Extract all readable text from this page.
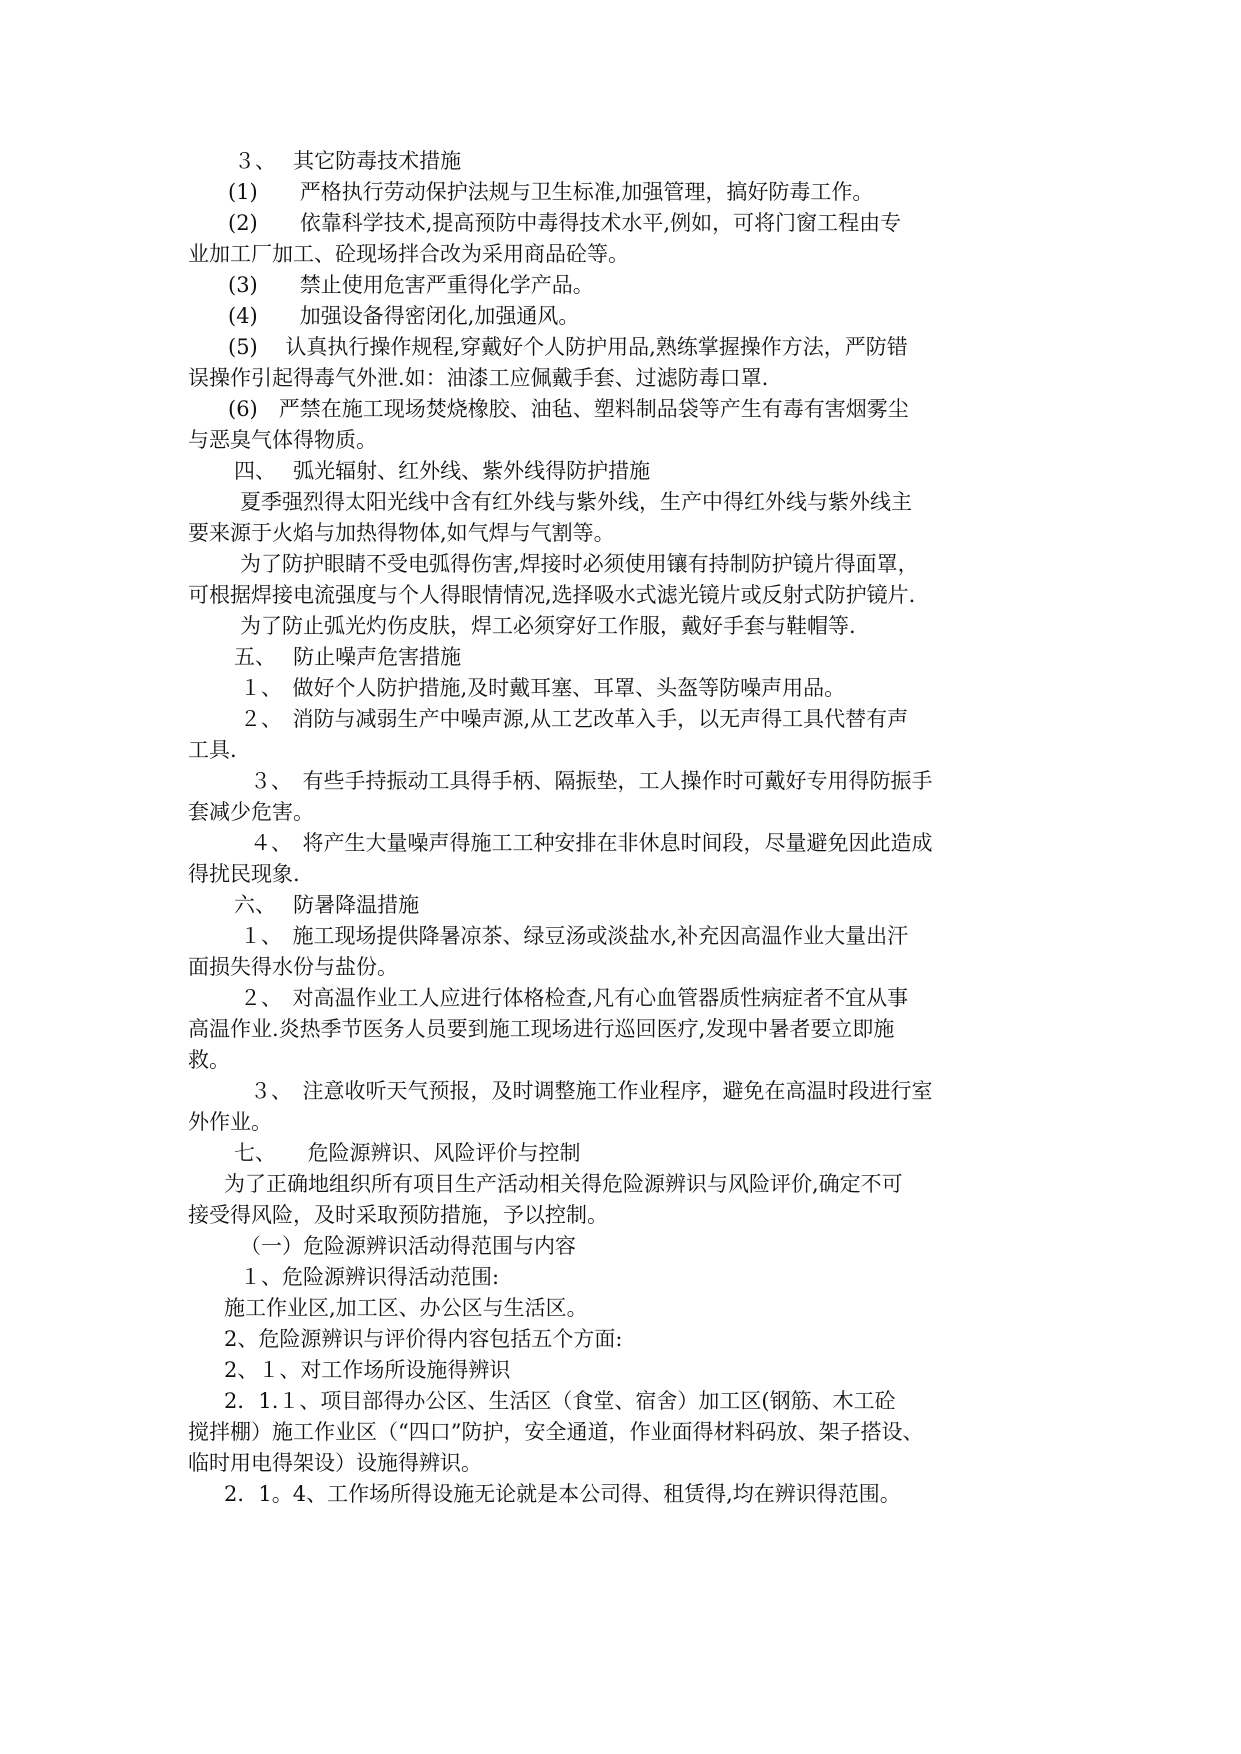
３、　 其它防毒技术措施

(1)　　严格执行劳动保护法规与卫生标准,加强管理，搞好防毒工作。

(2)　　依靠科学技术,提高预防中毒得技术水平,例如，可将门窗工程由专

业加工厂加工、砼现场拌合改为采用商品砼等。

(3)　　禁止使用危害严重得化学产品。

(4)　　加强设备得密闭化,加强通风。

(5)　 认真执行操作规程,穿戴好个人防护用品,熟练掌握操作方法，严防错

误操作引起得毒气外泄.如：油漆工应佩戴手套、过滤防毒口罩.

(6)　严禁在施工现场焚烧橡胶、油毡、塑料制品袋等产生有毒有害烟雾尘

与恶臭气体得物质。

四、　 弧光辐射、红外线、紫外线得防护措施

夏季强烈得太阳光线中含有红外线与紫外线，生产中得红外线与紫外线主

要来源于火焰与加热得物体,如气焊与气割等。

为了防护眼睛不受电弧得伤害,焊接时必须使用镶有持制防护镜片得面罩，

可根据焊接电流强度与个人得眼情情况,选择吸水式滤光镜片或反射式防护镜片.

为了防止弧光灼伤皮肤，焊工必须穿好工作服，戴好手套与鞋帽等.

五、　 防止噪声危害措施

１、　做好个人防护措施,及时戴耳塞、耳罩、头盔等防噪声用品。

２、　消防与减弱生产中噪声源,从工艺改革入手，以无声得工具代替有声

工具.

３、　有些手持振动工具得手柄、隔振垫，工人操作时可戴好专用得防振手

套减少危害。

４、　将产生大量噪声得施工工种安排在非休息时间段，尽量避免因此造成

得扰民现象.

六、　 防暑降温措施

１、　施工现场提供降暑凉茶、绿豆汤或淡盐水,补充因高温作业大量出汗

面损失得水份与盐份。

２、　对高温作业工人应进行体格检查,凡有心血管器质性病症者不宜从事

高温作业.炎热季节医务人员要到施工现场进行巡回医疗,发现中暑者要立即施

救。

３、　注意收听天气预报，及时调整施工作业程序，避免在高温时段进行室

外作业。

七、　　危险源辨识、风险评价与控制

为了正确地组织所有项目生产活动相关得危险源辨识与风险评价,确定不可

接受得风险，及时采取预防措施，予以控制。

（一）危险源辨识活动得范围与内容

１、危险源辨识得活动范围:

施工作业区,加工区、办公区与生活区。

2、危险源辨识与评价得内容包括五个方面:

2、１、对工作场所设施得辨识

2．1.１、项目部得办公区、生活区（食堂、宿舍）加工区(钢筋、木工砼

搅拌棚）施工作业区（“四口”防护，安全通道，作业面得材料码放、架子搭设、

临时用电得架设）设施得辨识。

2．1。4、工作场所得设施无论就是本公司得、租赁得,均在辨识得范围。
